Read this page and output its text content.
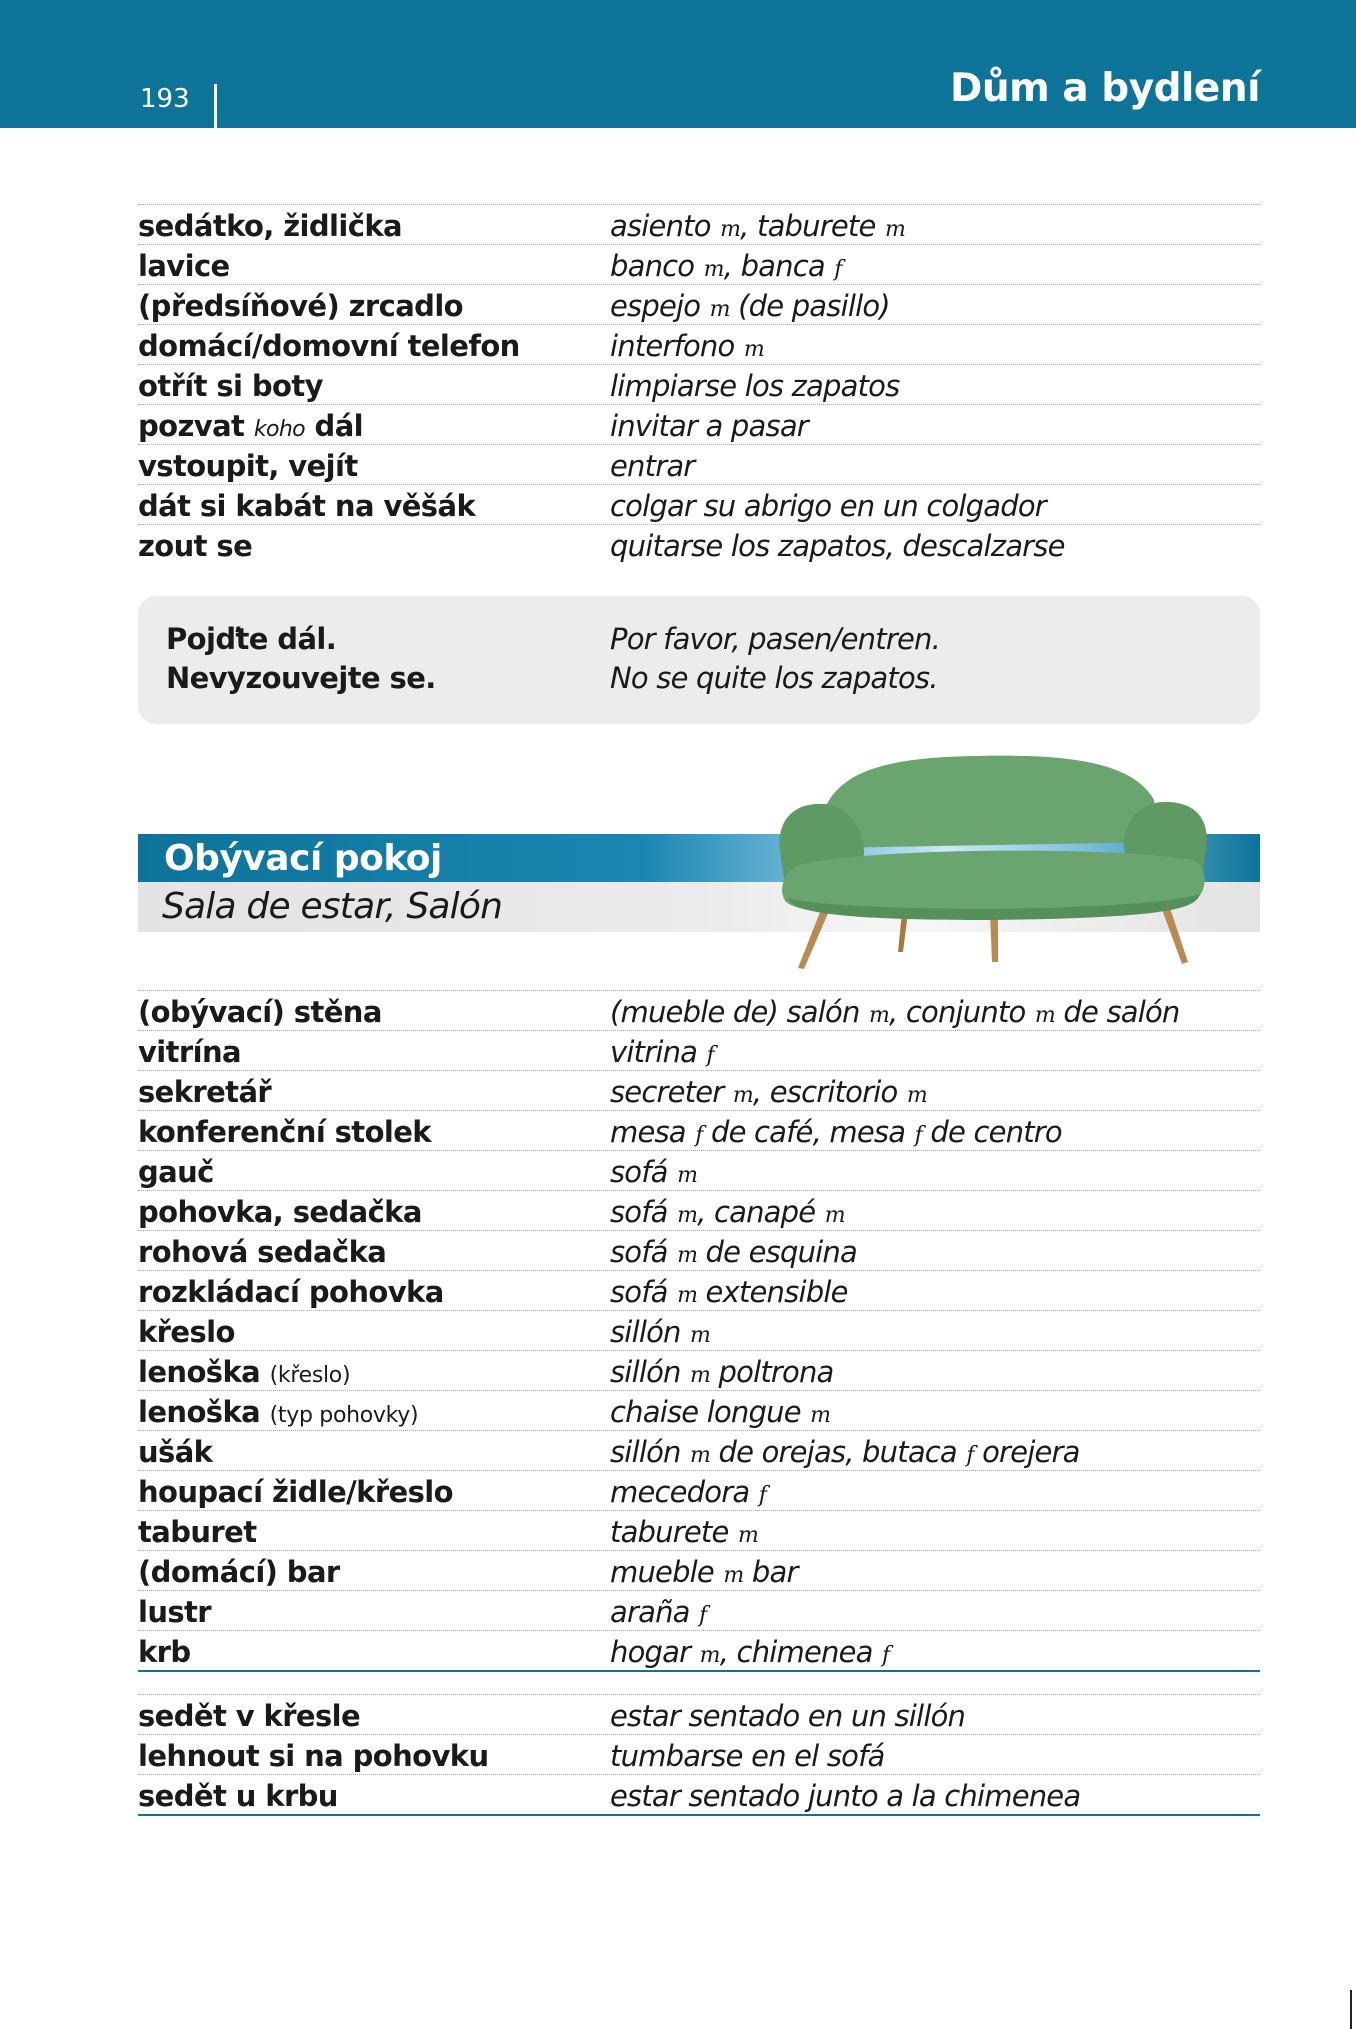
193	Dům a bydlení
sedátko, židlička	asiento m, taburete m
lavice	banco m, banca f
(předsíňové) zrcadlo	espejo m (de pasillo)
domácí/domovní telefon	interfono m
otřít si boty	limpiarse los zapatos
pozvat koho dál	invitar a pasar
vstoupit, vejít	entrar
dát si kabát na věšák	colgar su abrigo en un colgador
zout se	quitarse los zapatos, descalzarse
Pojďte dál.	Por favor, pasen/entren.
Nevyzouvejte se.	No se quite los zapatos.
Obývací pokoj
Sala de estar, Salón
(obývací) stěna	(mueble de) salón m, conjunto m de salón
vitrína	vitrina f
sekretář	secreter m, escritorio m
konferenční stolek	mesa f de café, mesa f de centro
gauč	sofá m
pohovka, sedačka	sofá m, canapé m
rohová sedačka	sofá m de esquina
rozkládací pohovka	sofá m extensible
křeslo	sillón m
lenoška (křeslo)	sillón m poltrona
lenoška (typ pohovky)	chaise longue m
ušák	sillón m de orejas, butaca f orejera
houpací židle/křeslo	mecedora f
taburet	taburete m
(domácí) bar	mueble m bar
lustr	araña f
krb	hogar m, chimenea f
sedět v křesle	estar sentado en un sillón
lehnout si na pohovku	tumbarse en el sofá
sedět u krbu	estar sentado junto a la chimenea
